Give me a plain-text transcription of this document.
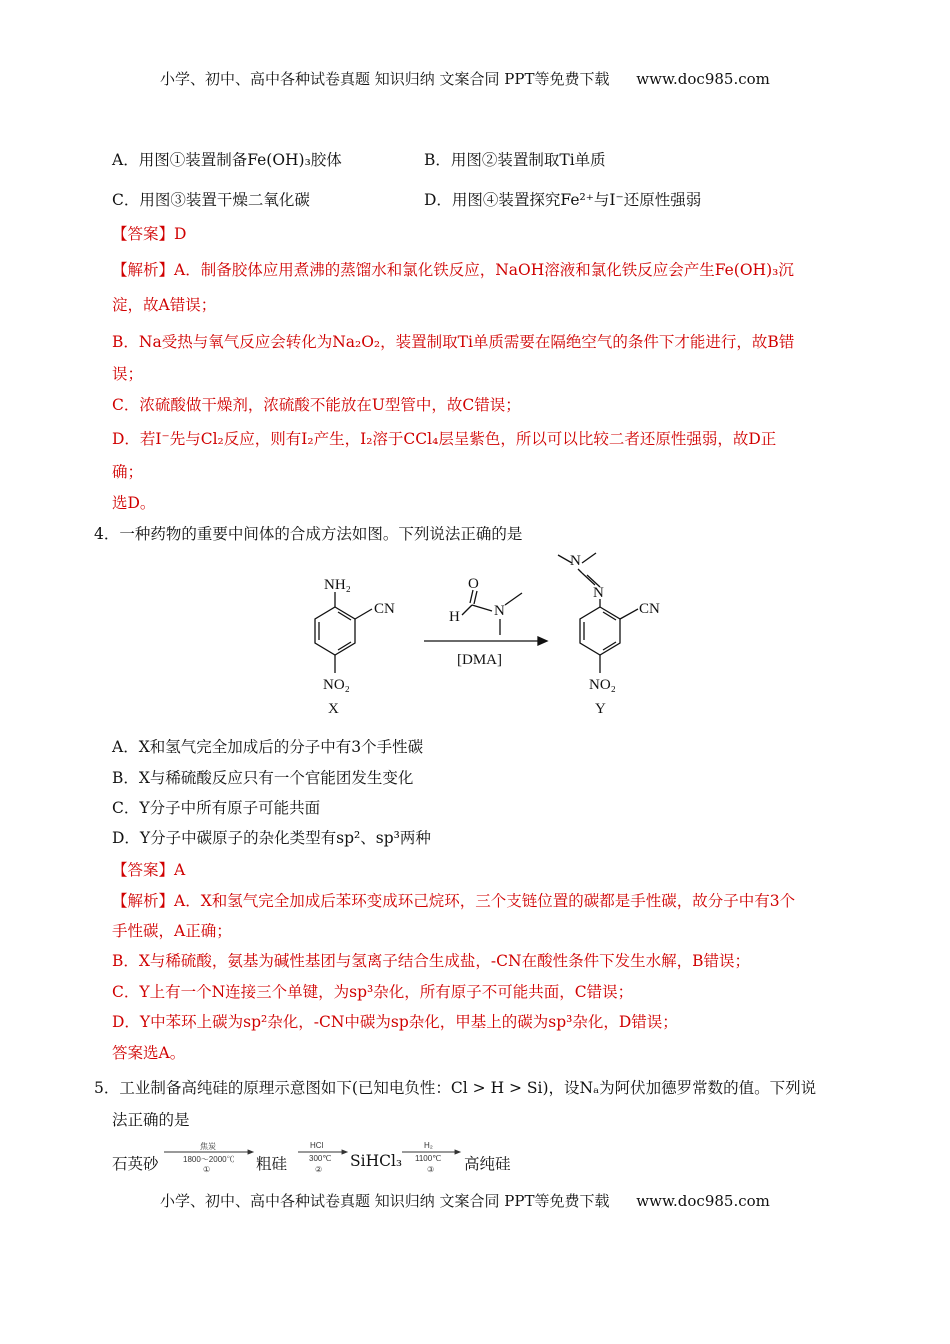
小学、初中、高中各种试卷真题 知识归纳 文案合同 PPT等免费下载 www.doc985.com
A．用图①装置制备Fe(OH)₃胶体	B．用图②装置制取Ti单质
C．用图③装置干燥二氧化碳	D．用图④装置探究Fe²⁺与I⁻还原性强弱
【答案】D
【解析】A．制备胶体应用煮沸的蒸馏水和氯化铁反应，NaOH溶液和氯化铁反应会产生Fe(OH)₃沉
淀，故A错误；
B．Na受热与氧气反应会转化为Na₂O₂，装置制取Ti单质需要在隔绝空气的条件下才能进行，故B错
误；
C．浓硫酸做干燥剂，浓硫酸不能放在U型管中，故C错误；
D．若I⁻先与Cl₂反应，则有I₂产生，I₂溶于CCl₄层呈紫色，所以可以比较二者还原性强弱，故D正
确；
选D。
4．一种药物的重要中间体的合成方法如图。下列说法正确的是
NH₂
CN
NO₂
X
O
H N
[DMA]
N
N
CN
NO₂
Y
A．X和氢气完全加成后的分子中有3个手性碳
B．X与稀硫酸反应只有一个官能团发生变化
C．Y分子中所有原子可能共面
D．Y分子中碳原子的杂化类型有sp²、sp³两种
【答案】A
【解析】A．X和氢气完全加成后苯环变成环己烷环，三个支链位置的碳都是手性碳，故分子中有3个
手性碳，A正确；
B．X与稀硫酸，氨基为碱性基团与氢离子结合生成盐，-CN在酸性条件下发生水解，B错误；
C．Y上有一个N连接三个单键，为sp³杂化，所有原子不可能共面，C错误；
D．Y中苯环上碳为sp²杂化，-CN中碳为sp杂化，甲基上的碳为sp³杂化，D错误；
答案选A。
5．工业制备高纯硅的原理示意图如下(已知电负性：Cl > H > Si)，设Nₐ为阿伏加德罗常数的值。下列说
法正确的是
石英砂	粗硅	SiHCl₃	高纯硅
焦炭
1800～2000℃
①
HCl
300℃
②
H₂
1100℃
③
小学、初中、高中各种试卷真题 知识归纳 文案合同 PPT等免费下载 www.doc985.com
